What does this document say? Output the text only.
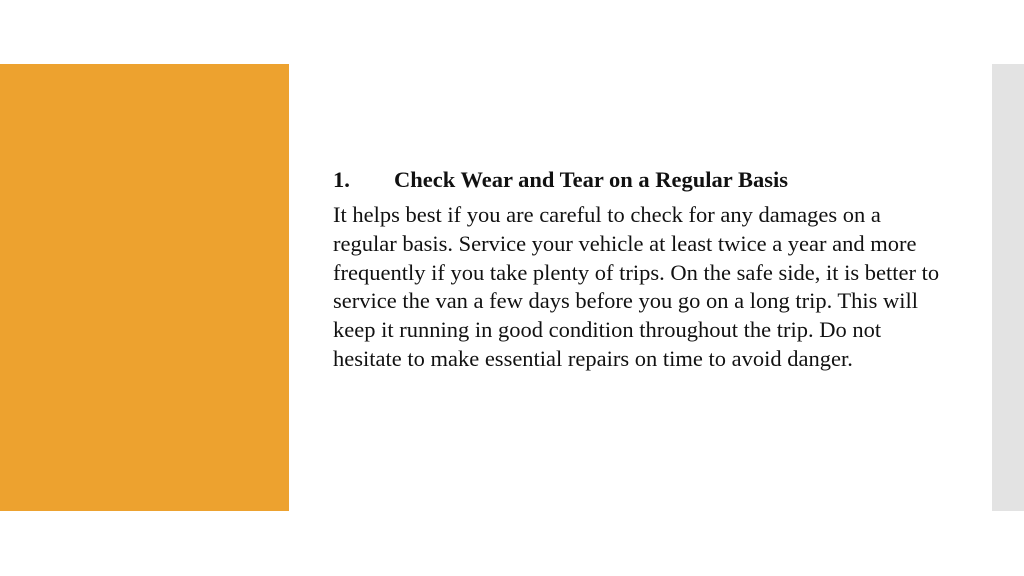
1.	Check Wear and Tear on a Regular Basis

It helps best if you are careful to check for any damages on a regular basis. Service your vehicle at least twice a year and more frequently if you take plenty of trips. On the safe side, it is better to service the van a few days before you go on a long trip. This will keep it running in good condition throughout the trip. Do not hesitate to make essential repairs on time to avoid danger.
